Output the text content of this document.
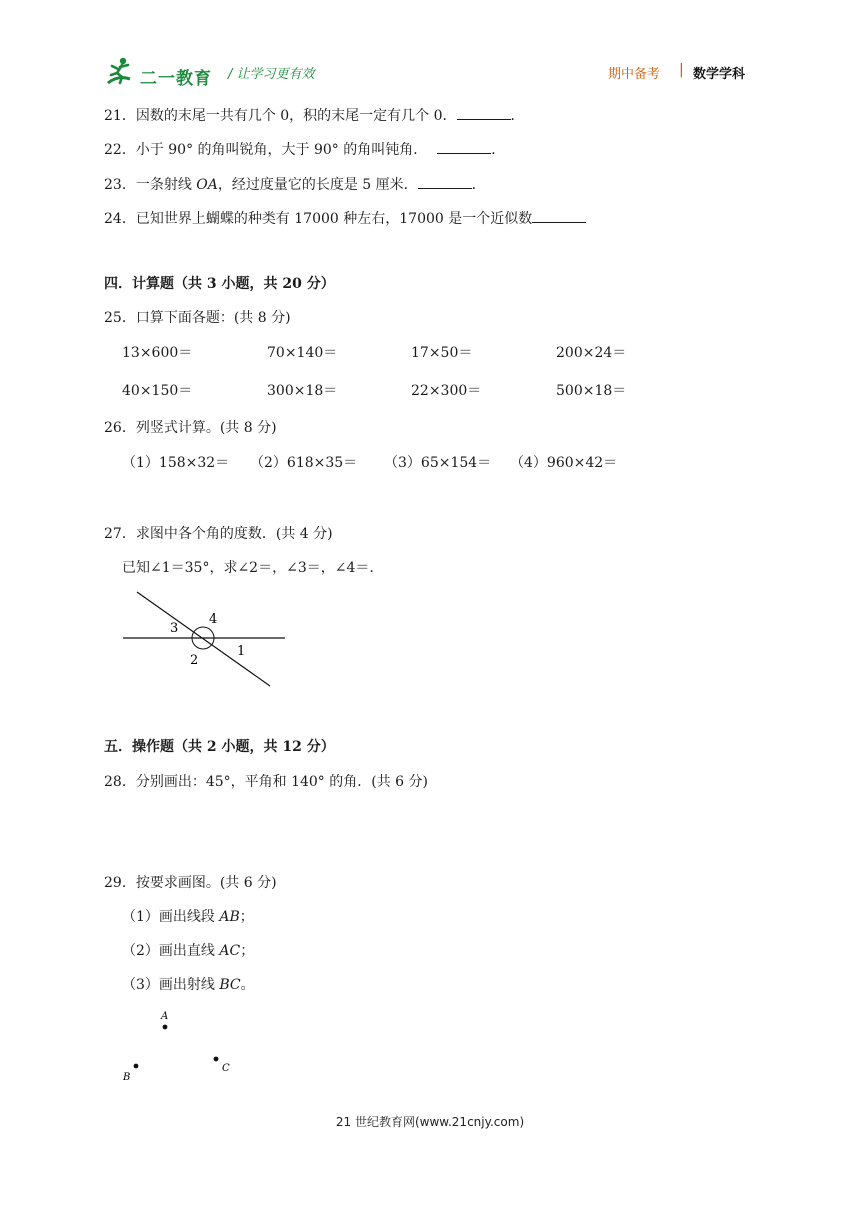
二一教育 / 让学习更有效	期中备考 | 数学学科
21．因数的末尾一共有几个 0，积的末尾一定有几个 0．	．
22．小于 90° 的角叫锐角，大于 90° 的角叫钝角．	．
23．一条射线 OA，经过度量它的长度是 5 厘米．	．
24．已知世界上蝴蝶的种类有 17000 种左右，17000 是一个近似数
四．计算题（共 3 小题，共 20 分）
25．口算下面各题：(共 8 分)
13×600＝	70×140＝	17×50＝	200×24＝
40×150＝	300×18＝	22×300＝	500×18＝
26．列竖式计算。(共 8 分)
（1）158×32＝ （2）618×35＝ （3）65×154＝ （4）960×42＝
27．求图中各个角的度数．(共 4 分)
已知∠1＝35°，求∠2＝，∠3＝，∠4＝.
3
4
2
1
五．操作题（共 2 小题，共 12 分）
28．分别画出：45°，平角和 140° 的角．(共 6 分)
29．按要求画图。(共 6 分)
（1）画出线段 AB；
（2）画出直线 AC；
（3）画出射线 BC。
A
B
C
21 世纪教育网(www.21cnjy.com)
